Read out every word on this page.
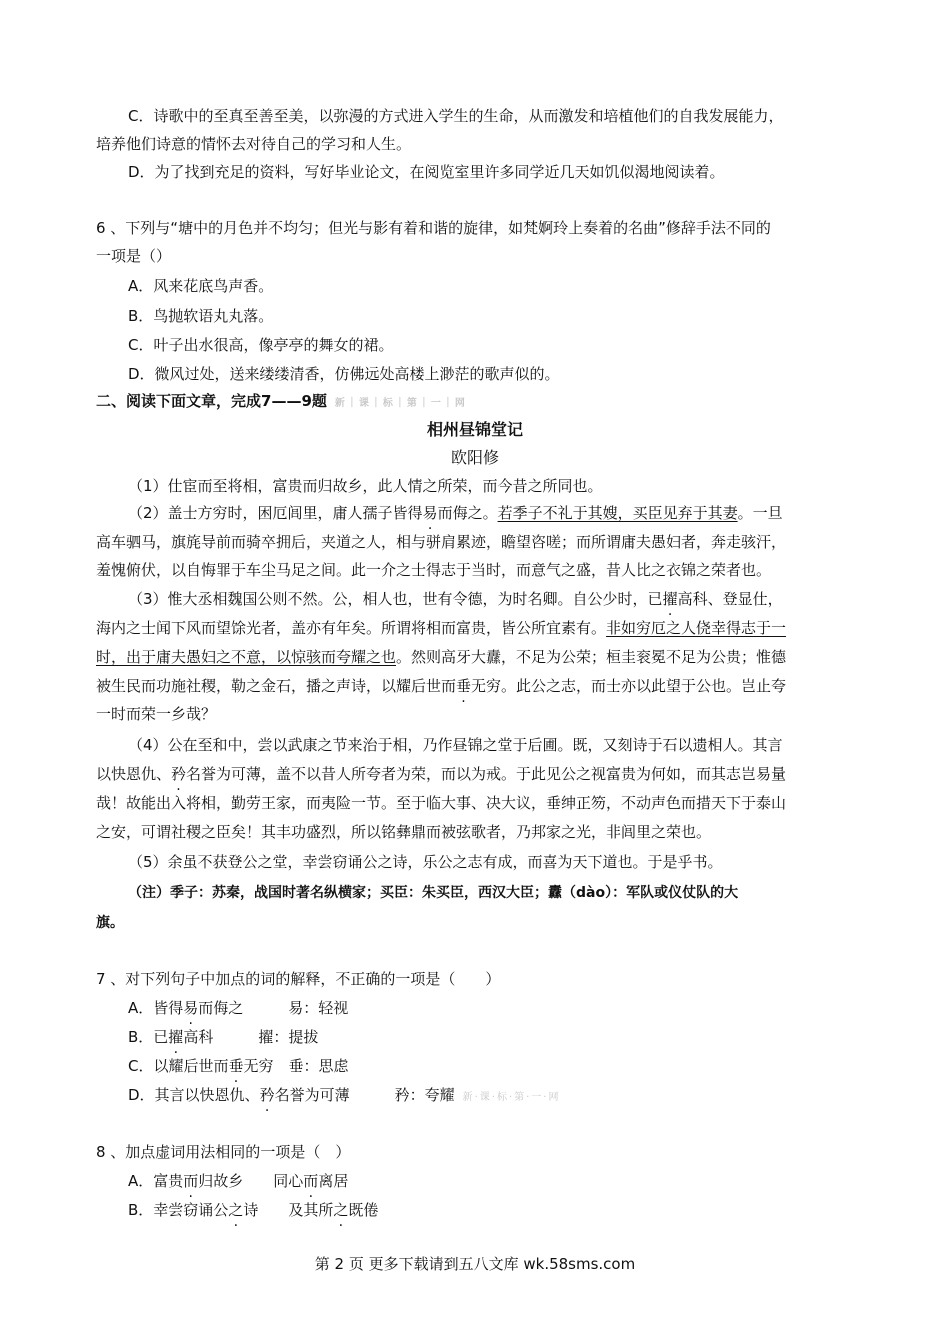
C．诗歌中的至真至善至美，以弥漫的方式进入学生的生命，从而激发和培植他们的自我发展能力，
培养他们诗意的情怀去对待自己的学习和人生。
D．为了找到充足的资料，写好毕业论文，在阅览室里许多同学近几天如饥似渴地阅读着。
6 、下列与“塘中的月色并不均匀；但光与影有着和谐的旋律，如梵婀玲上奏着的名曲”修辞手法不同的
一项是（）
A．风来花底鸟声香。
B．鸟抛软语丸丸落。
C．叶子出水很高，像亭亭的舞女的裙。
D．微风过处，送来缕缕清香，仿佛远处高楼上渺茫的歌声似的。
二、阅读下面文章，完成7——9题 新｜课｜标｜第｜一｜网
相州昼锦堂记
欧阳修
（1）仕宦而至将相，富贵而归故乡，此人情之所荣，而今昔之所同也。
（2）盖士方穷时，困厄闾里，庸人孺子皆得易而侮之。若季子不礼于其嫂，买臣见弃于其妻。一旦
高车驷马，旗旄导前而骑卒拥后，夹道之人，相与骈肩累迹，瞻望咨嗟；而所谓庸夫愚妇者，奔走骇汗，
羞愧俯伏，以自悔罪于车尘马足之间。此一介之士得志于当时，而意气之盛，昔人比之衣锦之荣者也。
（3）惟大丞相魏国公则不然。公，相人也，世有令德，为时名卿。自公少时，已擢高科、登显仕，
海内之士闻下风而望馀光者，盖亦有年矣。所谓将相而富贵，皆公所宜素有。非如穷厄之人侥幸得志于一
时，出于庸夫愚妇之不意，以惊骇而夸耀之也。然则高牙大纛，不足为公荣；桓圭衮冕不足为公贵；惟德
被生民而功施社稷，勒之金石，播之声诗，以耀后世而垂无穷。此公之志，而士亦以此望于公也。岂止夸
一时而荣一乡哉？
（4）公在至和中，尝以武康之节来治于相，乃作昼锦之堂于后圃。既，又刻诗于石以遗相人。其言
以快恩仇、矜名誉为可薄，盖不以昔人所夸者为荣，而以为戒。于此见公之视富贵为何如，而其志岂易量
哉！故能出入将相，勤劳王家，而夷险一节。至于临大事、决大议，垂绅正笏，不动声色而措天下于泰山
之安，可谓社稷之臣矣！其丰功盛烈，所以铭彝鼎而被弦歌者，乃邦家之光，非闾里之荣也。
（5）余虽不获登公之堂，幸尝窃诵公之诗，乐公之志有成，而喜为天下道也。于是乎书。
（注）季子：苏秦，战国时著名纵横家；买臣：朱买臣，西汉大臣；纛（dào）：军队或仪仗队的大
旗。
7 、对下列句子中加点的词的解释，不正确的一项是（　　）
A．皆得易而侮之　　　易：轻视
B．已擢高科　　　擢：提拔
C．以耀后世而垂无穷　垂：思虑
D．其言以快恩仇、矜名誉为可薄　　　矜：夸耀 新·课·标·第·一·网
8 、加点虚词用法相同的一项是（　）
A．富贵而归故乡　　同心而离居
B．幸尝窃诵公之诗　　及其所之既倦
第 2 页 更多下载请到五八文库 wk.58sms.com
